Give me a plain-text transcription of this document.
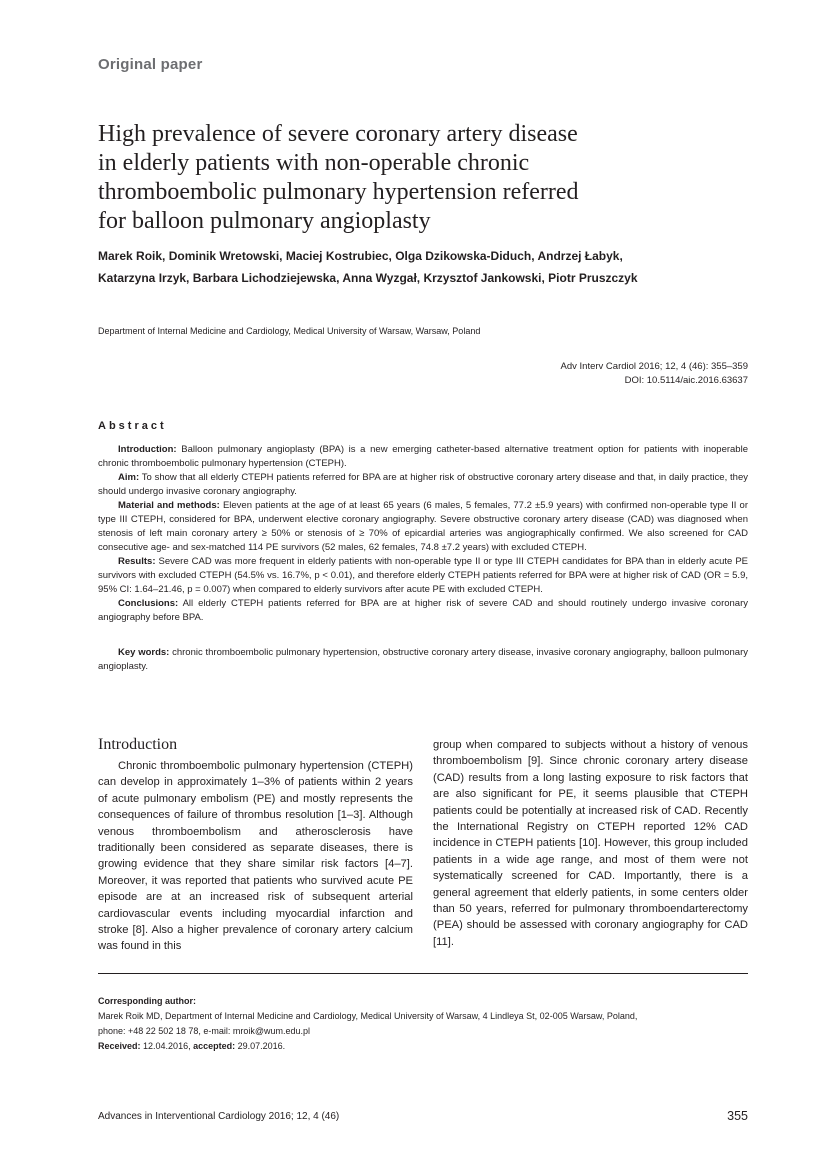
Original paper
High prevalence of severe coronary artery disease
in elderly patients with non-operable chronic
thromboembolic pulmonary hypertension referred
for balloon pulmonary angioplasty
Marek Roik, Dominik Wretowski, Maciej Kostrubiec, Olga Dzikowska-Diduch, Andrzej Łabyk,
Katarzyna Irzyk, Barbara Lichodziejewska, Anna Wyzgał, Krzysztof Jankowski, Piotr Pruszczyk
Department of Internal Medicine and Cardiology, Medical University of Warsaw, Warsaw, Poland
Adv Interv Cardiol 2016; 12, 4 (46): 355–359
DOI: 10.5114/aic.2016.63637
Abstract

Introduction: Balloon pulmonary angioplasty (BPA) is a new emerging catheter-based alternative treatment option for patients with inoperable chronic thromboembolic pulmonary hypertension (CTEPH).

Aim: To show that all elderly CTEPH patients referred for BPA are at higher risk of obstructive coronary artery disease and that, in daily practice, they should undergo invasive coronary angiography.

Material and methods: Eleven patients at the age of at least 65 years (6 males, 5 females, 77.2 ±5.9 years) with confirmed non-operable type II or type III CTEPH, considered for BPA, underwent elective coronary angiography. Severe obstructive coronary artery disease (CAD) was diagnosed when stenosis of left main coronary artery ≥ 50% or stenosis of ≥ 70% of epicardial arteries was angiographically confirmed. We also screened for CAD consecutive age- and sex-matched 114 PE survivors (52 males, 62 females, 74.8 ±7.2 years) with excluded CTEPH.

Results: Severe CAD was more frequent in elderly patients with non-operable type II or type III CTEPH candidates for BPA than in elderly acute PE survivors with excluded CTEPH (54.5% vs. 16.7%, p < 0.01), and therefore elderly CTEPH patients referred for BPA were at higher risk of CAD (OR = 5.9, 95% CI: 1.64–21.46, p = 0.007) when compared to elderly survivors after acute PE with excluded CTEPH.

Conclusions: All elderly CTEPH patients referred for BPA are at higher risk of severe CAD and should routinely undergo invasive coronary angiography before BPA.

Key words: chronic thromboembolic pulmonary hypertension, obstructive coronary artery disease, invasive coronary angiography, balloon pulmonary angioplasty.

Introduction

Chronic thromboembolic pulmonary hypertension (CTEPH) can develop in approximately 1–3% of patients within 2 years of acute pulmonary embolism (PE) and mostly represents the consequences of failure of thrombus resolution [1–3]. Although venous thromboembolism and atherosclerosis have traditionally been considered as separate diseases, there is growing evidence that they share similar risk factors [4–7]. Moreover, it was reported that patients who survived acute PE episode are at an increased risk of subsequent arterial cardiovascular events including myocardial infarction and stroke [8]. Also a higher prevalence of coronary artery calcium was found in this

group when compared to subjects without a history of venous thromboembolism [9]. Since chronic coronary artery disease (CAD) results from a long lasting exposure to risk factors that are also significant for PE, it seems plausible that CTEPH patients could be potentially at increased risk of CAD. Recently the International Registry on CTEPH reported 12% CAD incidence in CTEPH patients [10]. However, this group included patients in a wide age range, and most of them were not systematically screened for CAD. Importantly, there is a general agreement that elderly patients, in some centers older than 50 years, referred for pulmonary thromboendarterectomy (PEA) should be assessed with coronary angiography for CAD [11].

Corresponding author:
Marek Roik MD, Department of Internal Medicine and Cardiology, Medical University of Warsaw, 4 Lindleya St, 02-005 Warsaw, Poland,
phone: +48 22 502 18 78, e-mail: mroik@wum.edu.pl
Received: 12.04.2016, accepted: 29.07.2016.
Advances in Interventional Cardiology 2016; 12, 4 (46)	355
